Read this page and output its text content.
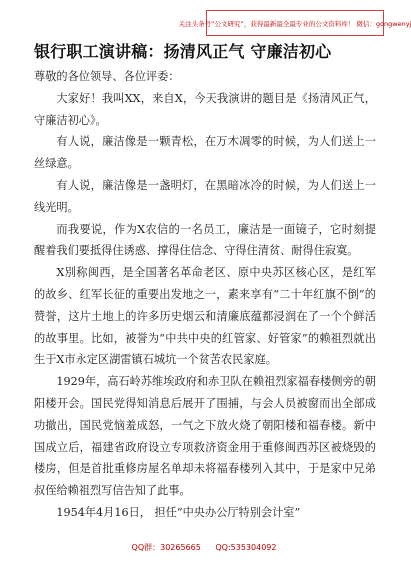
关注头条号“公文研究”，获得最新最全最专业的公文资料库！ 微信：gongwenyj
银行职工演讲稿：扬清风正气 守廉洁初心

尊敬的各位领导、各位评委：

大家好！我叫XX，来自X，今天我演讲的题目是《扬清风正气，守廉洁初心》。

有人说，廉洁像是一颗青松，在万木凋零的时候，为人们送上一丝绿意。

有人说，廉洁像是一盏明灯，在黑暗冰冷的时候，为人们送上一线光明。

而我要说，作为X农信的一名员工，廉洁是一面镜子，它时刻提醒着我们要抵得住诱惑、撑得住信念、守得住清贫、耐得住寂寞。

X別称闽西，是全国著名革命老区、原中央苏区核心区，是红军的故乡、红军长征的重要出发地之一，素来享有“二十年红旗不倒”的赞誉，这片土地上的许多历史烟云和清廉底蕴都浸润在了一个个鲜活的故事里。比如，被誉为“中共中央的红管家、好管家”的赖祖烈就出生于X市永定区湖雷镇石城坑一个贫苦农民家庭。

1929年，高石岭苏维埃政府和赤卫队在赖祖烈家福春楼侧旁的朝阳楼开会。国民党得知消息后展开了围捕，与会人员被窗而出全部成功撤出，国民党恼羞成怒，一气之下放火烧了朝阳楼和福春楼。新中国成立后，福建省政府设立专项救济资金用于重修闽西苏区被烧毁的楼房，但是首批重修房屋名单却未将福春楼列入其中，于是家中兄弟叔侄给赖祖烈写信告知了此事。

1954年4月16日， 担任“中央办公厅特别会计室”

QQ群：30265665 QQ:535304092
